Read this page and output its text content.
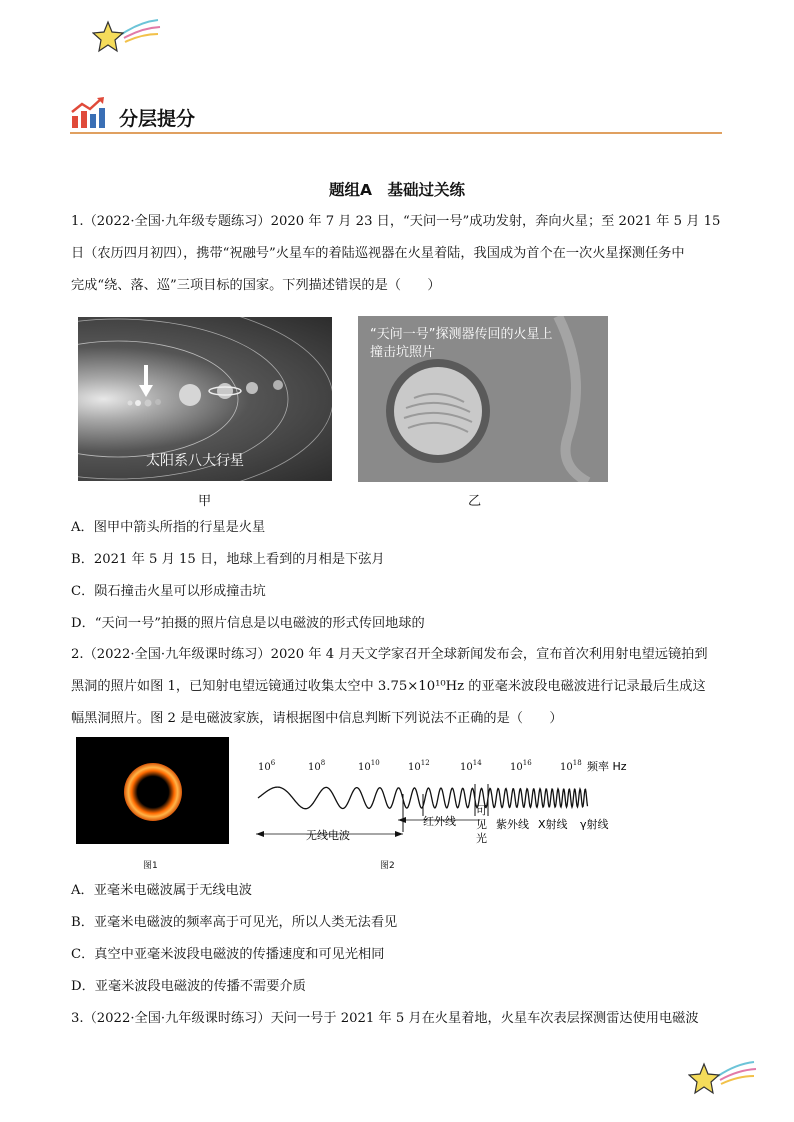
分层提分
题组A　基础过关练
1.（2022·全国·九年级专题练习）2020 年 7 月 23 日，“天问一号”成功发射，奔向火星；至 2021 年 5 月 15
日（农历四月初四），携带“祝融号”火星车的着陆巡视器在火星着陆，我国成为首个在一次火星探测任务中
完成“绕、落、巡”三项目标的国家。下列描述错误的是（　　）
太阳系八大行星
“天问一号”探测器传回的火星上
撞击坑照片
甲	乙
A．图甲中箭头所指的行星是火星
B．2021 年 5 月 15 日，地球上看到的月相是下弦月
C．陨石撞击火星可以形成撞击坑
D．“天问一号”拍摄的照片信息是以电磁波的形式传回地球的
2.（2022·全国·九年级课时练习）2020 年 4 月天文学家召开全球新闻发布会，宣布首次利用射电望远镜拍到
黑洞的照片如图 1，已知射电望远镜通过收集太空中 3.75×10¹⁰Hz 的亚毫米波段电磁波进行记录最后生成这
幅黑洞照片。图 2 是电磁波家族，请根据图中信息判断下列说法不正确的是（　　）
图1
$10^6$	$10^8$	$10^{10}$	$10^{12}$	$10^{14}$	$10^{16}$	$10^{18}$ 频率 Hz
无线电波
红外线
可
见
光
紫外线 X射线 γ射线
图2
A．亚毫米电磁波属于无线电波
B．亚毫米电磁波的频率高于可见光，所以人类无法看见
C．真空中亚毫米波段电磁波的传播速度和可见光相同
D．亚毫米波段电磁波的传播不需要介质
3.（2022·全国·九年级课时练习）天问一号于 2021 年 5 月在火星着地，火星车次表层探测雷达使用电磁波
